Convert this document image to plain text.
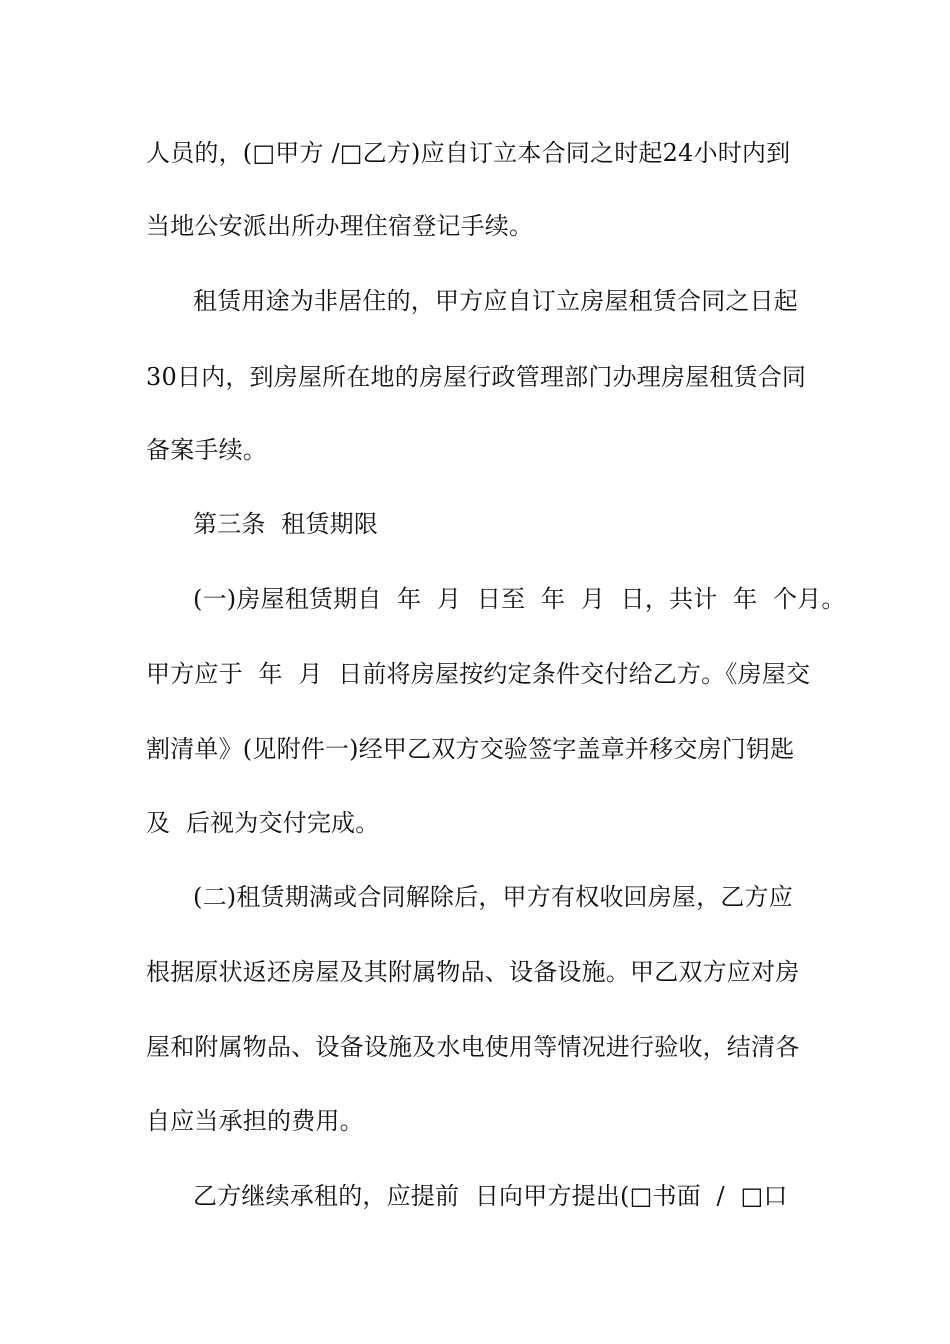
人员的，(□甲方 /□乙方)应自订立本合同之时起24小时内到
当地公安派出所办理住宿登记手续。
租赁用途为非居住的，甲方应自订立房屋租赁合同之日起
30日内，到房屋所在地的房屋行政管理部门办理房屋租赁合同
备案手续。
第三条  租赁期限
(一)房屋租赁期自  年  月  日至  年  月  日，共计  年  个月。
甲方应于  年  月  日前将房屋按约定条件交付给乙方。《房屋交
割清单》(见附件一)经甲乙双方交验签字盖章并移交房门钥匙
及  后视为交付完成。
(二)租赁期满或合同解除后，甲方有权收回房屋，乙方应
根据原状返还房屋及其附属物品、设备设施。甲乙双方应对房
屋和附属物品、设备设施及水电使用等情况进行验收，结清各
自应当承担的费用。
乙方继续承租的，应提前  日向甲方提出(□书面  /  □口
